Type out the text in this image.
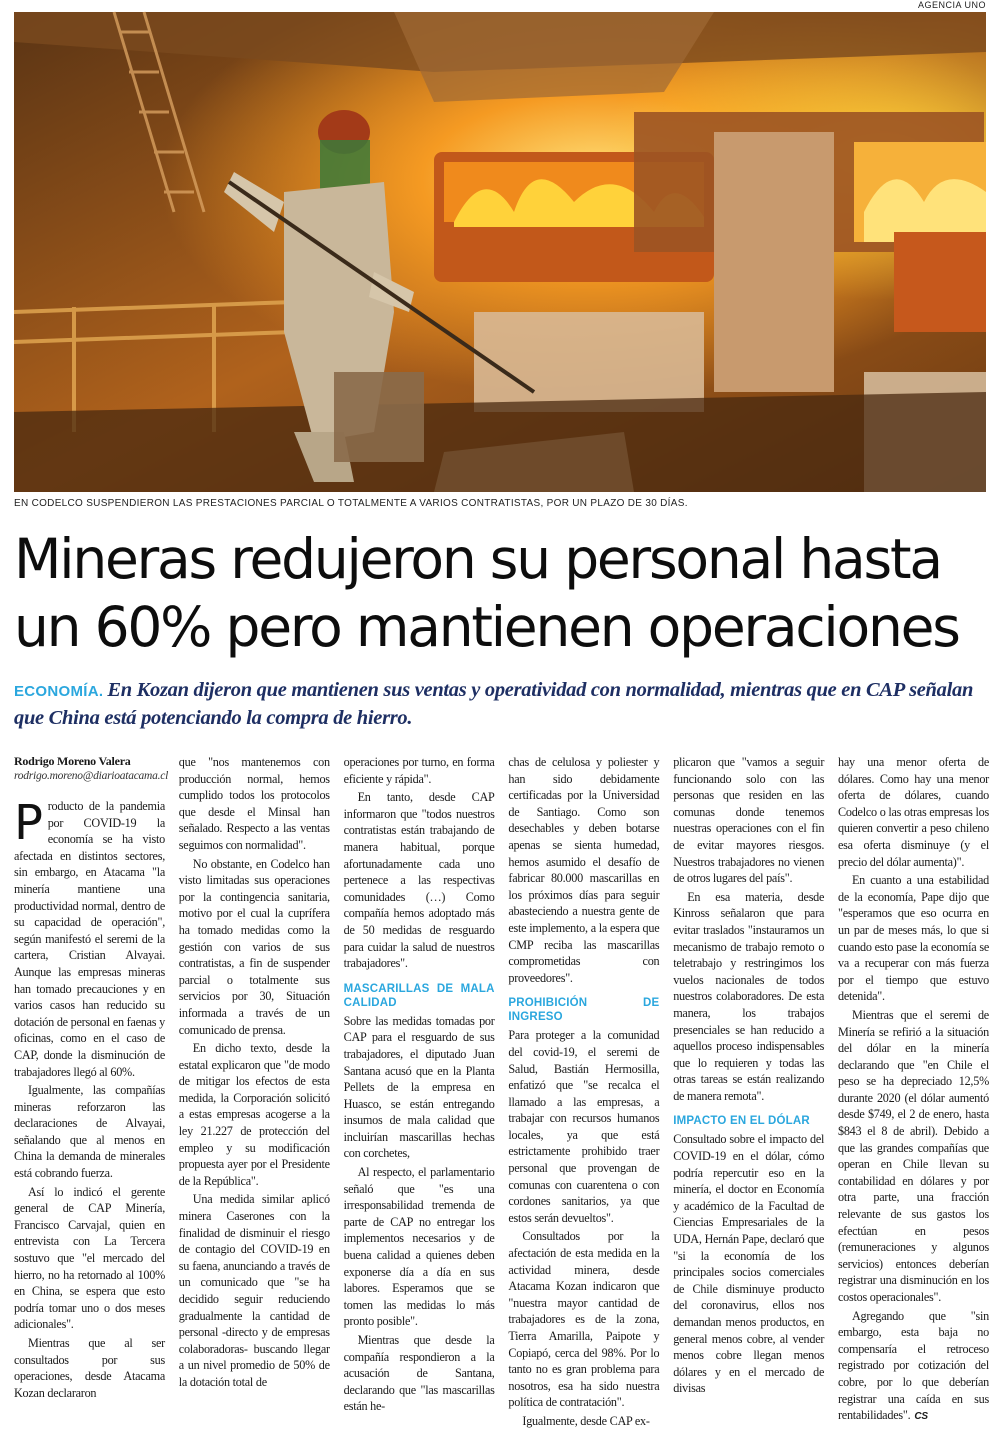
AGENCIA UNO
EN CODELCO SUSPENDIERON LAS PRESTACIONES PARCIAL O TOTALMENTE A VARIOS CONTRATISTAS, POR UN PLAZO DE 30 DÍAS.
Mineras redujeron su personal hasta
un 60% pero mantienen operaciones

ECONOMÍA. En Kozan dijeron que mantienen sus ventas y operatividad con normalidad, mientras que en CAP señalan que China está potenciando la compra de hierro.

Rodrigo Moreno Valera
rodrigo.moreno@diarioatacama.cl

Producto de la pandemia por COVID-19 la economía se ha visto afectada en distintos sectores, sin embargo, en Atacama "la minería mantiene una productividad normal, dentro de su capacidad de operación", según manifestó el seremi de la cartera, Cristian Alvayai. Aunque las empresas mineras han tomado precauciones y en varios casos han reducido su dotación de personal en faenas y oficinas, como en el caso de CAP, donde la disminución de trabajadores llegó al 60%.

Igualmente, las compañías mineras reforzaron las declaraciones de Alvayai, señalando que al menos en China la demanda de minerales está cobrando fuerza.

Así lo indicó el gerente general de CAP Minería, Francisco Carvajal, quien en entrevista con La Tercera sostuvo que "el mercado del hierro, no ha retornado al 100% en China, se espera que esto podría tomar uno o dos meses adicionales".

Mientras que al ser consultados por sus operaciones, desde Atacama Kozan declararon

que "nos mantenemos con producción normal, hemos cumplido todos los protocolos que desde el Minsal han señalado. Respecto a las ventas seguimos con normalidad".

No obstante, en Codelco han visto limitadas sus operaciones por la contingencia sanitaria, motivo por el cual la cuprífera ha tomado medidas como la gestión con varios de sus contratistas, a fin de suspender parcial o totalmente sus servicios por 30, Situación informada a través de un comunicado de prensa.

En dicho texto, desde la estatal explicaron que "de modo de mitigar los efectos de esta medida, la Corporación solicitó a estas empresas acogerse a la ley 21.227 de protección del empleo y su modificación propuesta ayer por el Presidente de la República".

Una medida similar aplicó minera Caserones con la finalidad de disminuir el riesgo de contagio del COVID-19 en su faena, anunciando a través de un comunicado que "se ha decidido seguir reduciendo gradualmente la cantidad de personal -directo y de empresas colaboradoras- buscando llegar a un nivel promedio de 50% de la dotación total de

operaciones por turno, en forma eficiente y rápida".

En tanto, desde CAP informaron que "todos nuestros contratistas están trabajando de manera habitual, porque afortunadamente cada uno pertenece a las respectivas comunidades (…) Como compañía hemos adoptado más de 50 medidas de resguardo para cuidar la salud de nuestros trabajadores".

MASCARILLAS DE MALA CALIDAD

Sobre las medidas tomadas por CAP para el resguardo de sus trabajadores, el diputado Juan Santana acusó que en la Planta Pellets de la empresa en Huasco, se están entregando insumos de mala calidad que incluirían mascarillas hechas con corchetes,

Al respecto, el parlamentario señaló que "es una irresponsabilidad tremenda de parte de CAP no entregar los implementos necesarios y de buena calidad a quienes deben exponerse día a día en sus labores. Esperamos que se tomen las medidas lo más pronto posible".

Mientras que desde la compañía respondieron a la acusación de Santana, declarando que "las mascarillas están he-

chas de celulosa y poliester y han sido debidamente certificadas por la Universidad de Santiago. Como son desechables y deben botarse apenas se sienta humedad, hemos asumido el desafío de fabricar 80.000 mascarillas en los próximos días para seguir abasteciendo a nuestra gente de este implemento, a la espera que CMP reciba las mascarillas comprometidas con proveedores".

PROHIBICIÓN DE INGRESO

Para proteger a la comunidad del covid-19, el seremi de Salud, Bastián Hermosilla, enfatizó que "se recalca el llamado a las empresas, a trabajar con recursos humanos locales, ya que está estrictamente prohibido traer personal que provengan de comunas con cuarentena o con cordones sanitarios, ya que estos serán devueltos".

Consultados por la afectación de esta medida en la actividad minera, desde Atacama Kozan indicaron que "nuestra mayor cantidad de trabajadores es de la zona, Tierra Amarilla, Paipote y Copiapó, cerca del 98%. Por lo tanto no es gran problema para nosotros, esa ha sido nuestra política de contratación".

Igualmente, desde CAP ex-

plicaron que "vamos a seguir funcionando solo con las personas que residen en las comunas donde tenemos nuestras operaciones con el fin de evitar mayores riesgos. Nuestros trabajadores no vienen de otros lugares del país".

En esa materia, desde Kinross señalaron que para evitar traslados "instauramos un mecanismo de trabajo remoto o teletrabajo y restringimos los vuelos nacionales de todos nuestros colaboradores. De esta manera, los trabajos presenciales se han reducido a aquellos proceso indispensables que lo requieren y todas las otras tareas se están realizando de manera remota".

IMPACTO EN EL DÓLAR

Consultado sobre el impacto del COVID-19 en el dólar, cómo podría repercutir eso en la minería, el doctor en Economía y académico de la Facultad de Ciencias Empresariales de la UDA, Hernán Pape, declaró que "si la economía de los principales socios comerciales de Chile disminuye producto del coronavirus, ellos nos demandan menos productos, en general menos cobre, al vender menos cobre llegan menos dólares y en el mercado de divisas

hay una menor oferta de dólares. Como hay una menor oferta de dólares, cuando Codelco o las otras empresas los quieren convertir a peso chileno esa oferta disminuye (y el precio del dólar aumenta)".

En cuanto a una estabilidad de la economía, Pape dijo que "esperamos que eso ocurra en un par de meses más, lo que si cuando esto pase la economía se va a recuperar con más fuerza por el tiempo que estuvo detenida".

Mientras que el seremi de Minería se refirió a la situación del dólar en la minería declarando que "en Chile el peso se ha depreciado 12,5% durante 2020 (el dólar aumentó desde $749, el 2 de enero, hasta $843 el 8 de abril). Debido a que las grandes compañías que operan en Chile llevan su contabilidad en dólares y por otra parte, una fracción relevante de sus gastos los efectúan en pesos (remuneraciones y algunos servicios) entonces deberían registrar una disminución en los costos operacionales".

Agregando que "sin embargo, esta baja no compensaría el retroceso registrado por cotización del cobre, por lo que deberían registrar una caída en sus rentabilidades". CS
